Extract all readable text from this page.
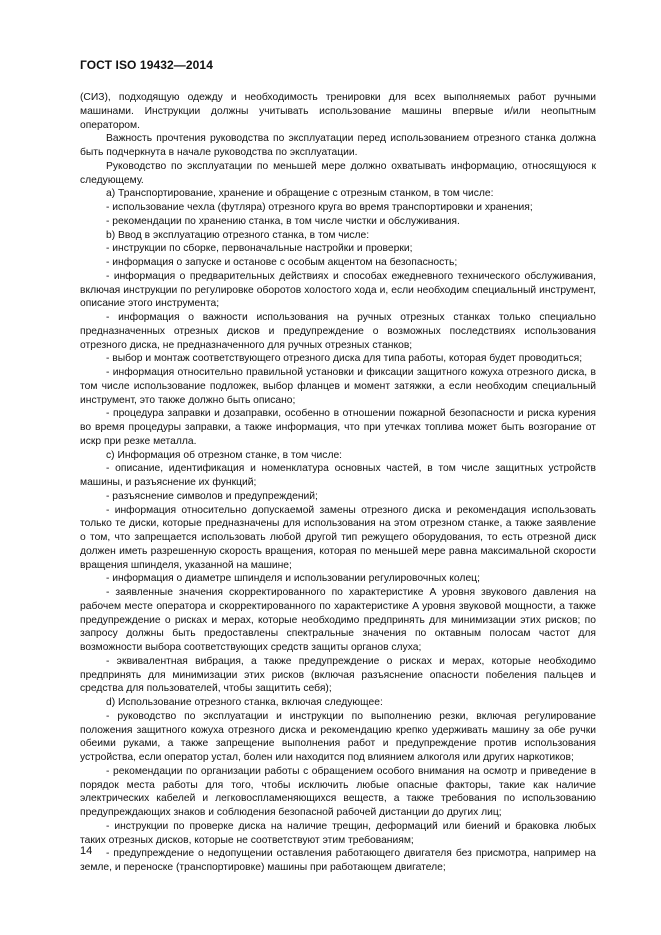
ГОСТ ISO 19432—2014

(СИЗ), подходящую одежду и необходимость тренировки для всех выполняемых работ ручными машинами. Инструкции должны учитывать использование машины впервые и/или неопытным оператором.

Важность прочтения руководства по эксплуатации перед использованием отрезного станка должна быть подчеркнута в начале руководства по эксплуатации.

Руководство по эксплуатации по меньшей мере должно охватывать информацию, относящуюся к следующему.

a) Транспортирование, хранение и обращение с отрезным станком, в том числе:

- использование чехла (футляра) отрезного круга во время транспортировки и хранения;

- рекомендации по хранению станка, в том числе чистки и обслуживания.

b) Ввод в эксплуатацию отрезного станка, в том числе:

- инструкции по сборке, первоначальные настройки и проверки;

- информация о запуске и останове с особым акцентом на безопасность;

- информация о предварительных действиях и способах ежедневного технического обслуживания, включая инструкции по регулировке оборотов холостого хода и, если необходим специальный инструмент, описание этого инструмента;

- информация о важности использования на ручных отрезных станках только специально предназначенных отрезных дисков и предупреждение о возможных последствиях использования отрезного диска, не предназначенного для ручных отрезных станков;

- выбор и монтаж соответствующего отрезного диска для типа работы, которая будет проводиться;

- информация относительно правильной установки и фиксации защитного кожуха отрезного диска, в том числе использование подложек, выбор фланцев и момент затяжки, а если необходим специальный инструмент, это также должно быть описано;

- процедура заправки и дозаправки, особенно в отношении пожарной безопасности и риска курения во время процедуры заправки, а также информация, что при утечках топлива может быть возгорание от искр при резке металла.

c) Информация об отрезном станке, в том числе:

- описание, идентификация и номенклатура основных частей, в том числе защитных устройств машины, и разъяснение их функций;

- разъяснение символов и предупреждений;

- информация относительно допускаемой замены отрезного диска и рекомендация использовать только те диски, которые предназначены для использования на этом отрезном станке, а также заявление о том, что запрещается использовать любой другой тип режущего оборудования, то есть отрезной диск должен иметь разрешенную скорость вращения, которая по меньшей мере равна максимальной скорости вращения шпинделя, указанной на машине;

- информация о диаметре шпинделя и использовании регулировочных колец;

- заявленные значения скорректированного по характеристике A уровня звукового давления на рабочем месте оператора и скорректированного по характеристике A уровня звуковой мощности, а также предупреждение о рисках и мерах, которые необходимо предпринять для минимизации этих рисков; по запросу должны быть предоставлены спектральные значения по октавным полосам частот для возможности выбора соответствующих средств защиты органов слуха;

- эквивалентная вибрация, а также предупреждение о рисках и мерах, которые необходимо предпринять для минимизации этих рисков (включая разъяснение опасности побеления пальцев и средства для пользователей, чтобы защитить себя);

d) Использование отрезного станка, включая следующее:

- руководство по эксплуатации и инструкции по выполнению резки, включая регулирование положения защитного кожуха отрезного диска и рекомендацию крепко удерживать машину за обе ручки обеими руками, а также запрещение выполнения работ и предупреждение против использования устройства, если оператор устал, болен или находится под влиянием алкоголя или других наркотиков;

- рекомендации по организации работы с обращением особого внимания на осмотр и приведение в порядок места работы для того, чтобы исключить любые опасные факторы, такие как наличие электрических кабелей и легковоспламеняющихся веществ, а также требования по использованию предупреждающих знаков и соблюдения безопасной рабочей дистанции до других лиц;

- инструкции по проверке диска на наличие трещин, деформаций или биений и браковка любых таких отрезных дисков, которые не соответствуют этим требованиям;

- предупреждение о недопущении оставления работающего двигателя без присмотра, например на земле, и переноске (транспортировке) машины при работающем двигателе;

14
